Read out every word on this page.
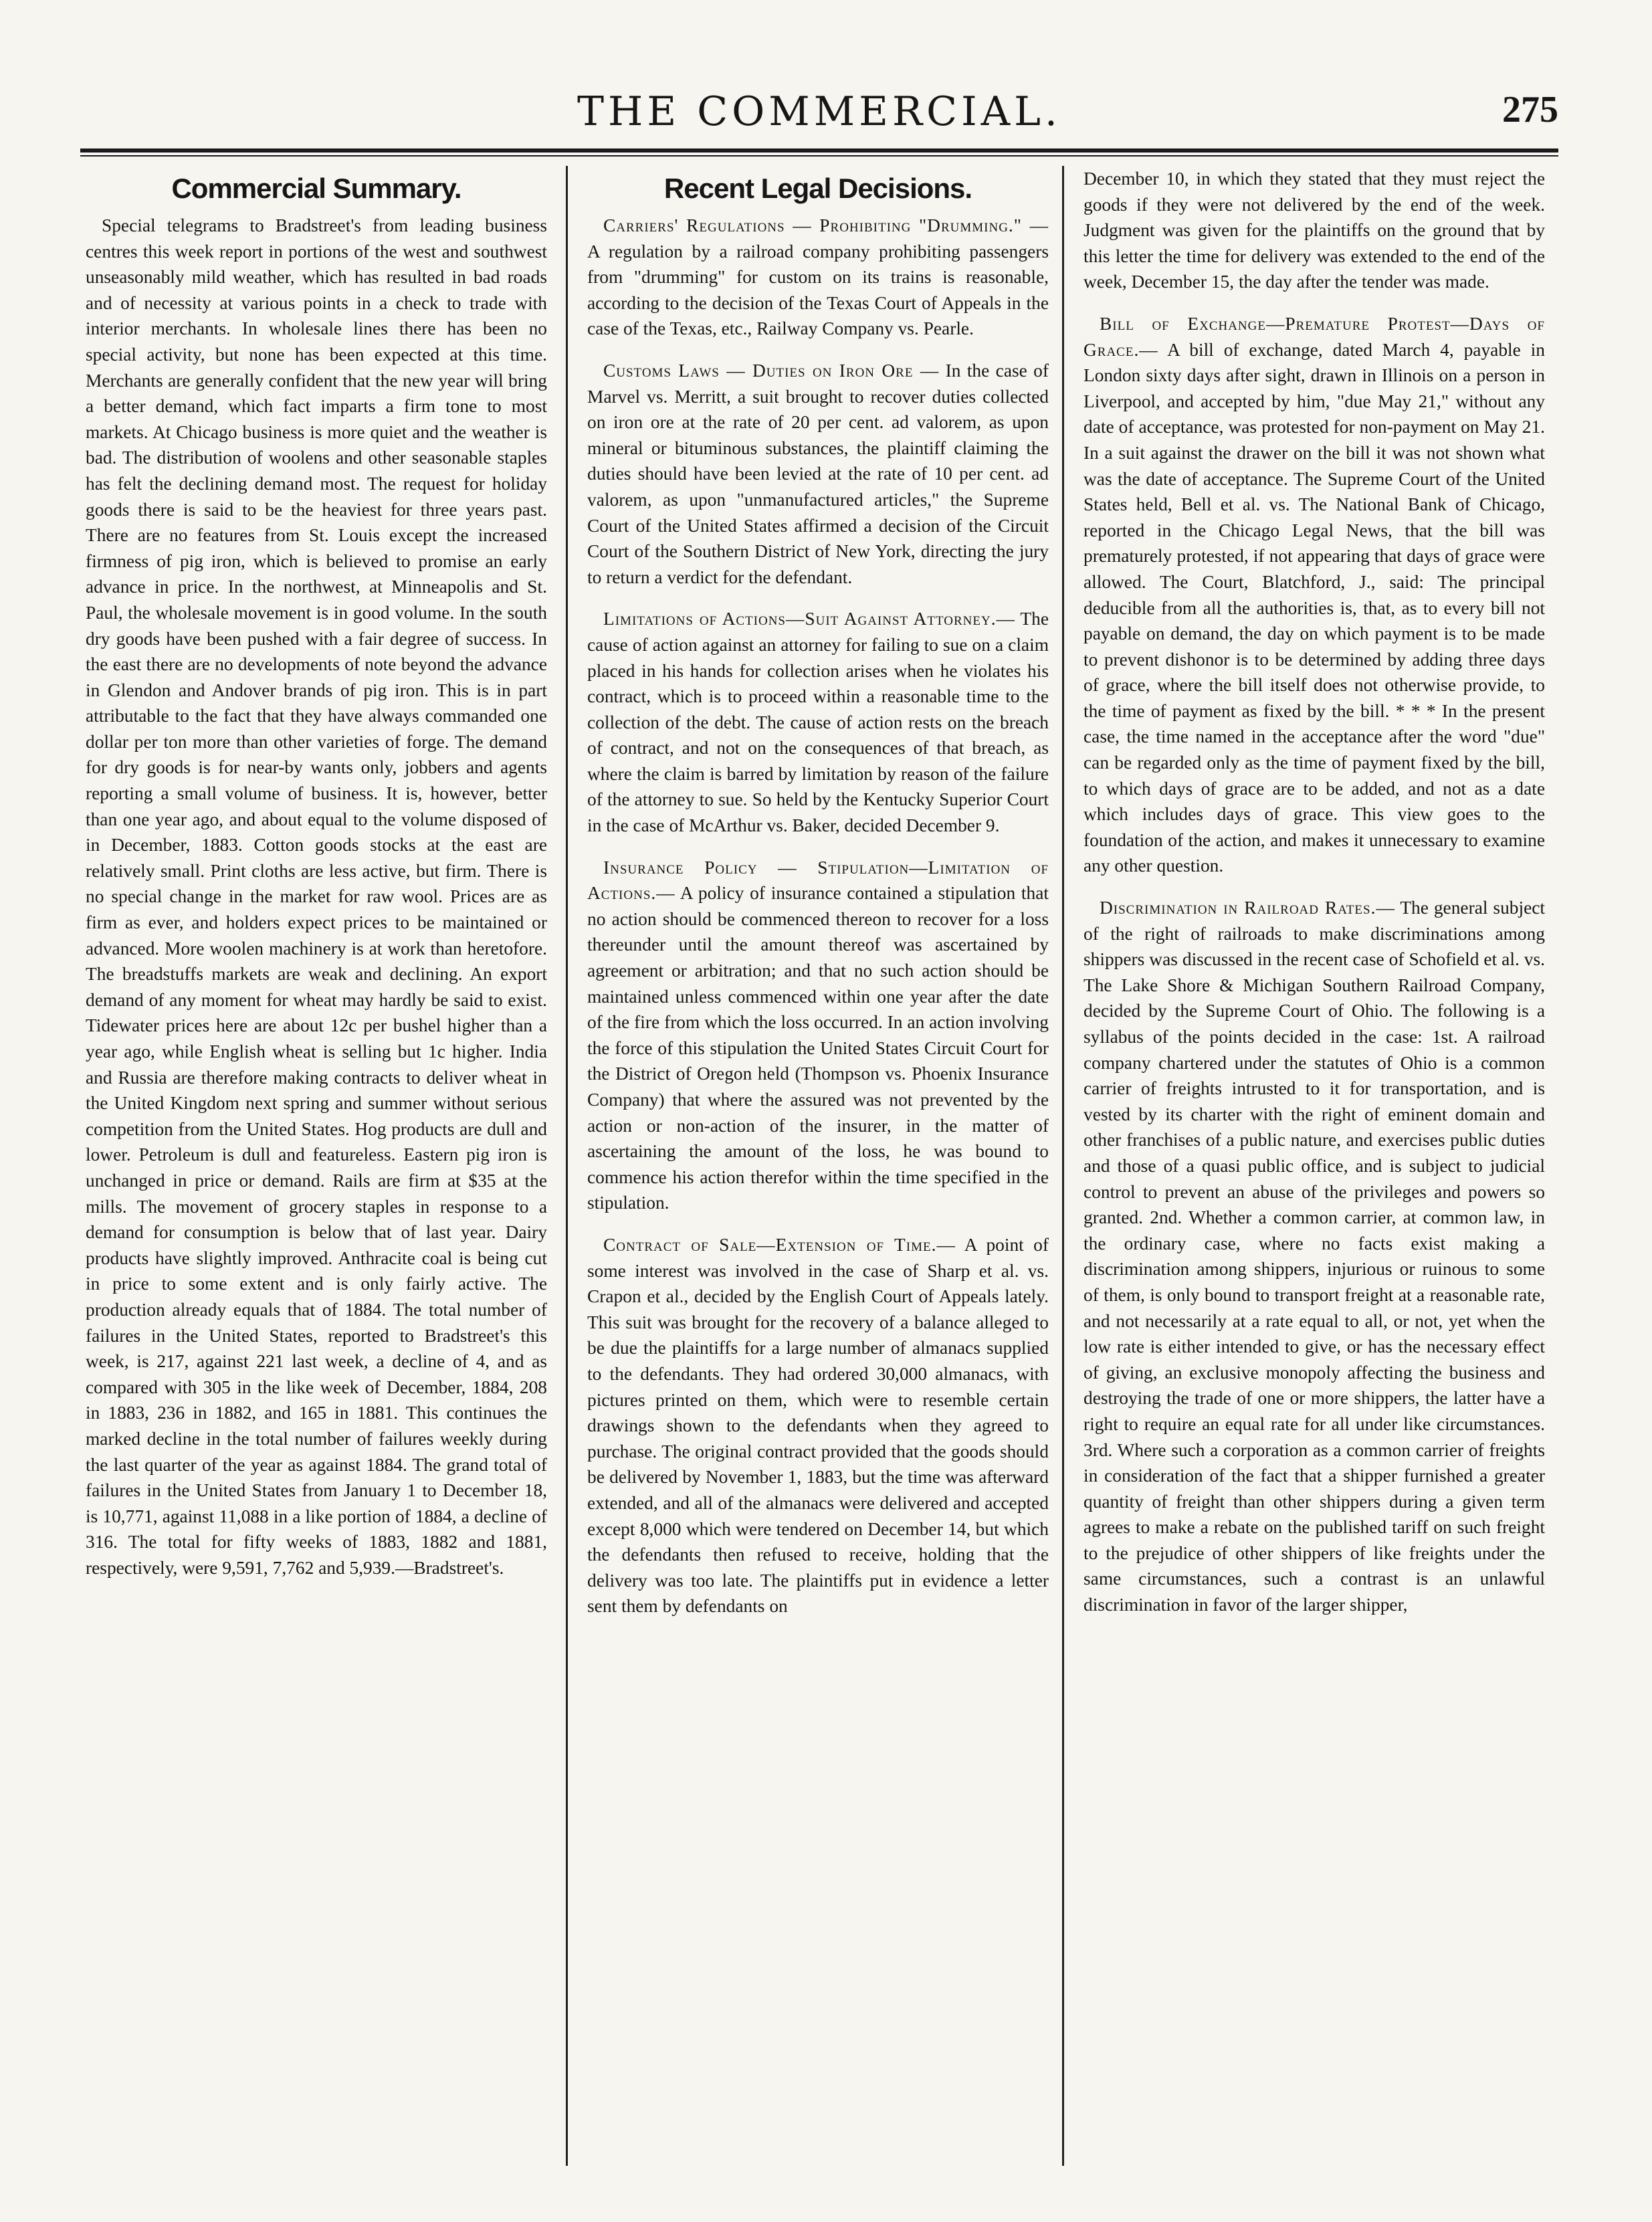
THE COMMERCIAL.	275
Commercial Summary.

Special telegrams to Bradstreet's from leading business centres this week report in portions of the west and southwest unseasonably mild weather, which has resulted in bad roads and of necessity at various points in a check to trade with interior merchants. In wholesale lines there has been no special activity, but none has been expected at this time. Merchants are generally confident that the new year will bring a better demand, which fact imparts a firm tone to most markets. At Chicago business is more quiet and the weather is bad. The distribution of woolens and other seasonable staples has felt the declining demand most. The request for holiday goods there is said to be the heaviest for three years past. There are no features from St. Louis except the increased firmness of pig iron, which is believed to promise an early advance in price. In the northwest, at Minneapolis and St. Paul, the wholesale movement is in good volume. In the south dry goods have been pushed with a fair degree of success. In the east there are no developments of note beyond the advance in Glendon and Andover brands of pig iron. This is in part attributable to the fact that they have always commanded one dollar per ton more than other varieties of forge. The demand for dry goods is for near-by wants only, jobbers and agents reporting a small volume of business. It is, however, better than one year ago, and about equal to the volume disposed of in December, 1883. Cotton goods stocks at the east are relatively small. Print cloths are less active, but firm. There is no special change in the market for raw wool. Prices are as firm as ever, and holders expect prices to be maintained or advanced. More woolen machinery is at work than heretofore. The breadstuffs markets are weak and declining. An export demand of any moment for wheat may hardly be said to exist. Tidewater prices here are about 12c per bushel higher than a year ago, while English wheat is selling but 1c higher. India and Russia are therefore making contracts to deliver wheat in the United Kingdom next spring and summer without serious competition from the United States. Hog products are dull and lower. Petroleum is dull and featureless. Eastern pig iron is unchanged in price or demand. Rails are firm at $35 at the mills. The movement of grocery staples in response to a demand for consumption is below that of last year. Dairy products have slightly improved. Anthracite coal is being cut in price to some extent and is only fairly active. The production already equals that of 1884. The total number of failures in the United States, reported to Bradstreet's this week, is 217, against 221 last week, a decline of 4, and as compared with 305 in the like week of December, 1884, 208 in 1883, 236 in 1882, and 165 in 1881. This continues the marked decline in the total number of failures weekly during the last quarter of the year as against 1884. The grand total of failures in the United States from January 1 to December 18, is 10,771, against 11,088 in a like portion of 1884, a decline of 316. The total for fifty weeks of 1883, 1882 and 1881, respectively, were 9,591, 7,762 and 5,939.—Bradstreet's.

Recent Legal Decisions.

Carriers' Regulations — Prohibiting "Drumming." — A regulation by a railroad company prohibiting passengers from "drumming" for custom on its trains is reasonable, according to the decision of the Texas Court of Appeals in the case of the Texas, etc., Railway Company vs. Pearle.

Customs Laws — Duties on Iron Ore — In the case of Marvel vs. Merritt, a suit brought to recover duties collected on iron ore at the rate of 20 per cent. ad valorem, as upon mineral or bituminous substances, the plaintiff claiming the duties should have been levied at the rate of 10 per cent. ad valorem, as upon "unmanufactured articles," the Supreme Court of the United States affirmed a decision of the Circuit Court of the Southern District of New York, directing the jury to return a verdict for the defendant.

Limitations of Actions—Suit Against Attorney.— The cause of action against an attorney for failing to sue on a claim placed in his hands for collection arises when he violates his contract, which is to proceed within a reasonable time to the collection of the debt. The cause of action rests on the breach of contract, and not on the consequences of that breach, as where the claim is barred by limitation by reason of the failure of the attorney to sue. So held by the Kentucky Superior Court in the case of McArthur vs. Baker, decided December 9.

Insurance Policy — Stipulation—Limitation of Actions.— A policy of insurance contained a stipulation that no action should be commenced thereon to recover for a loss thereunder until the amount thereof was ascertained by agreement or arbitration; and that no such action should be maintained unless commenced within one year after the date of the fire from which the loss occurred. In an action involving the force of this stipulation the United States Circuit Court for the District of Oregon held (Thompson vs. Phoenix Insurance Company) that where the assured was not prevented by the action or non-action of the insurer, in the matter of ascertaining the amount of the loss, he was bound to commence his action therefor within the time specified in the stipulation.

Contract of Sale—Extension of Time.— A point of some interest was involved in the case of Sharp et al. vs. Crapon et al., decided by the English Court of Appeals lately. This suit was brought for the recovery of a balance alleged to be due the plaintiffs for a large number of almanacs supplied to the defendants. They had ordered 30,000 almanacs, with pictures printed on them, which were to resemble certain drawings shown to the defendants when they agreed to purchase. The original contract provided that the goods should be delivered by November 1, 1883, but the time was afterward extended, and all of the almanacs were delivered and accepted except 8,000 which were tendered on December 14, but which the defendants then refused to receive, holding that the delivery was too late. The plaintiffs put in evidence a letter sent them by defendants on

December 10, in which they stated that they must reject the goods if they were not delivered by the end of the week. Judgment was given for the plaintiffs on the ground that by this letter the time for delivery was extended to the end of the week, December 15, the day after the tender was made.

Bill of Exchange—Premature Protest—Days of Grace.— A bill of exchange, dated March 4, payable in London sixty days after sight, drawn in Illinois on a person in Liverpool, and accepted by him, "due May 21," without any date of acceptance, was protested for non-payment on May 21. In a suit against the drawer on the bill it was not shown what was the date of acceptance. The Supreme Court of the United States held, Bell et al. vs. The National Bank of Chicago, reported in the Chicago Legal News, that the bill was prematurely protested, if not appearing that days of grace were allowed. The Court, Blatchford, J., said: The principal deducible from all the authorities is, that, as to every bill not payable on demand, the day on which payment is to be made to prevent dishonor is to be determined by adding three days of grace, where the bill itself does not otherwise provide, to the time of payment as fixed by the bill. * * * In the present case, the time named in the acceptance after the word "due" can be regarded only as the time of payment fixed by the bill, to which days of grace are to be added, and not as a date which includes days of grace. This view goes to the foundation of the action, and makes it unnecessary to examine any other question.

Discrimination in Railroad Rates.— The general subject of the right of railroads to make discriminations among shippers was discussed in the recent case of Schofield et al. vs. The Lake Shore & Michigan Southern Railroad Company, decided by the Supreme Court of Ohio. The following is a syllabus of the points decided in the case: 1st. A railroad company chartered under the statutes of Ohio is a common carrier of freights intrusted to it for transportation, and is vested by its charter with the right of eminent domain and other franchises of a public nature, and exercises public duties and those of a quasi public office, and is subject to judicial control to prevent an abuse of the privileges and powers so granted. 2nd. Whether a common carrier, at common law, in the ordinary case, where no facts exist making a discrimination among shippers, injurious or ruinous to some of them, is only bound to transport freight at a reasonable rate, and not necessarily at a rate equal to all, or not, yet when the low rate is either intended to give, or has the necessary effect of giving, an exclusive monopoly affecting the business and destroying the trade of one or more shippers, the latter have a right to require an equal rate for all under like circumstances. 3rd. Where such a corporation as a common carrier of freights in consideration of the fact that a shipper furnished a greater quantity of freight than other shippers during a given term agrees to make a rebate on the published tariff on such freight to the prejudice of other shippers of like freights under the same circumstances, such a contrast is an unlawful discrimination in favor of the larger shipper,
